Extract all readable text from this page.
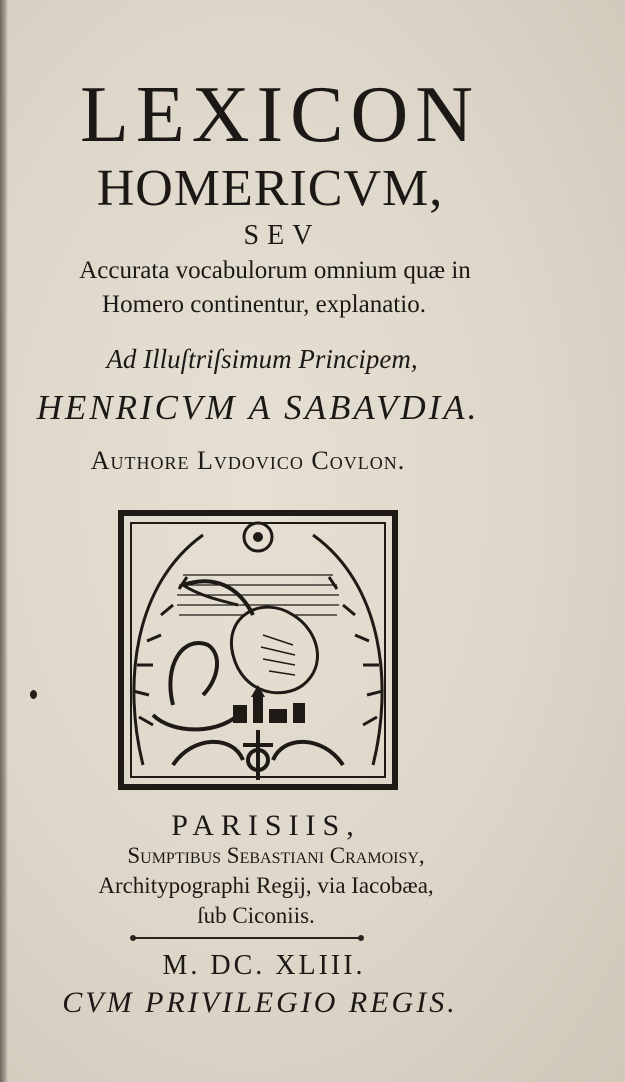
LEXICON
HOMERICVM,
SEV
Accurata vocabulorum omnium quæ in
Homero continentur, explanatio.
Ad Illuſtriſsimum Principem,
HENRICVM A SABAVDIA.
Authore Lvdovico Covlon.
PARISIIS,
Sumptibus Sebastiani Cramoisy,
Architypographi Regij, via Iacobæa,
ſub Ciconiis.
M. DC. XLIII.
CVM PRIVILEGIO REGIS.
